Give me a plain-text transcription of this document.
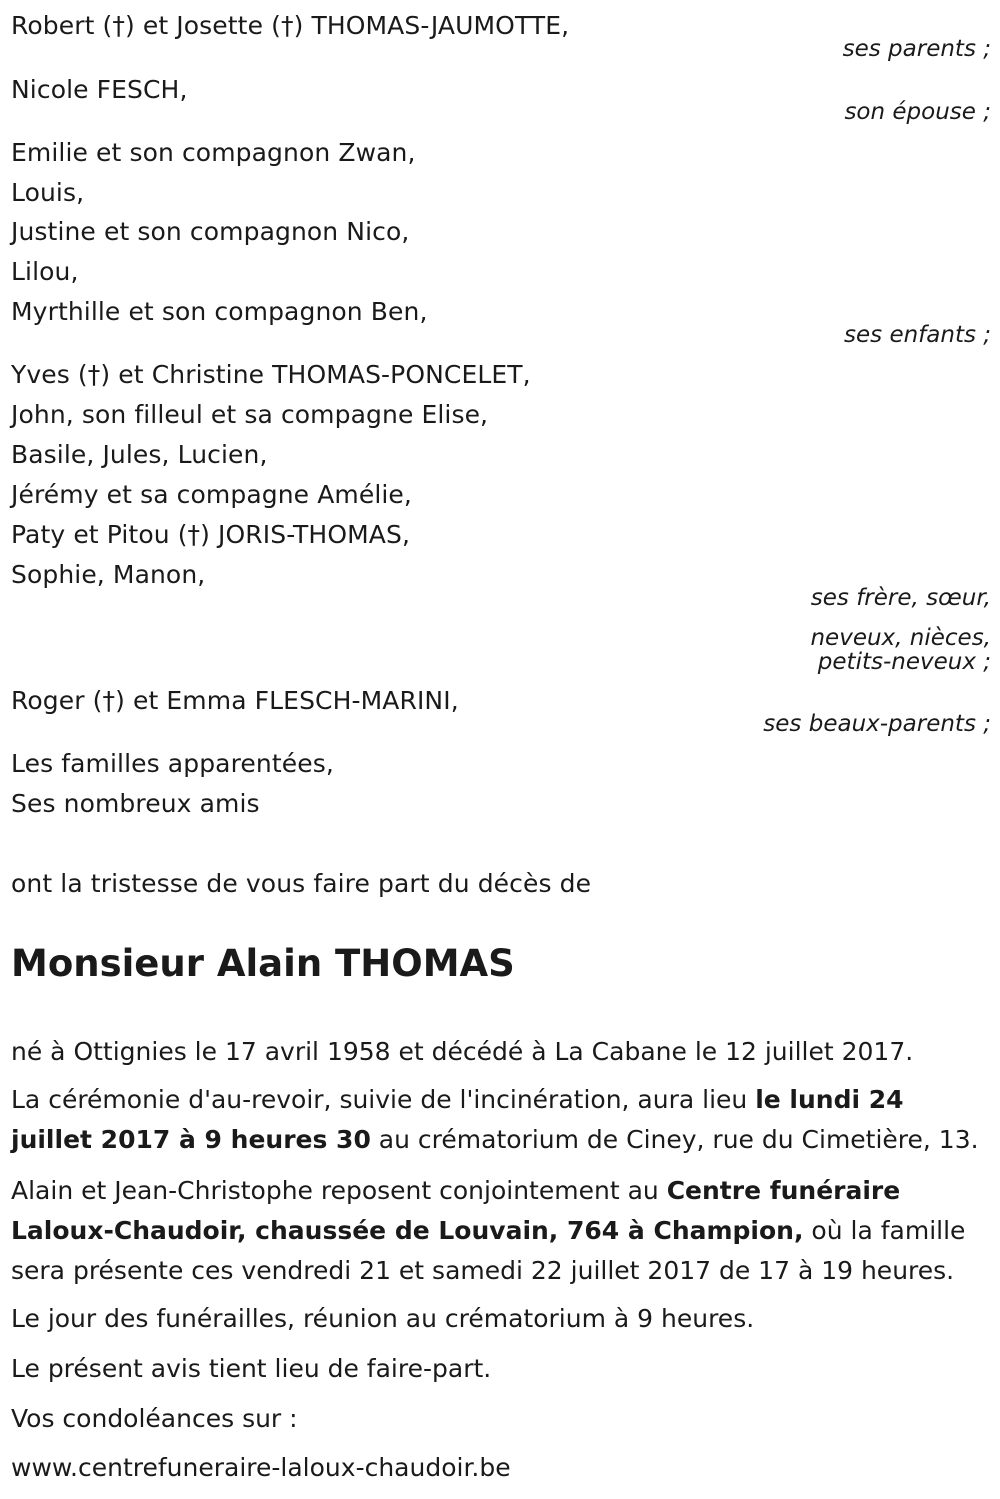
Robert (†) et Josette (†) THOMAS-JAUMOTTE,
ses parents ;
Nicole FESCH,
son épouse ;
Emilie et son compagnon Zwan,
Louis,
Justine et son compagnon Nico,
Lilou,
Myrthille et son compagnon Ben,
ses enfants ;
Yves (†) et Christine THOMAS-PONCELET,
John, son filleul et sa compagne Elise,
Basile, Jules, Lucien,
Jérémy et sa compagne Amélie,
Paty et Pitou (†) JORIS-THOMAS,
Sophie, Manon,
ses frère, sœur,
neveux, nièces,
petits-neveux ;
Roger (†) et Emma FLESCH-MARINI,
ses beaux-parents ;
Les familles apparentées,
Ses nombreux amis
ont la tristesse de vous faire part du décès de
Monsieur Alain THOMAS
né à Ottignies le 17 avril 1958 et décédé à La Cabane le 12 juillet 2017.
La cérémonie d'au-revoir, suivie de l'incinération, aura lieu le lundi 24 juillet 2017 à 9 heures 30 au crématorium de Ciney, rue du Cimetière, 13.
Alain et Jean-Christophe reposent conjointement au Centre funéraire Laloux-Chaudoir, chaussée de Louvain, 764 à Champion, où la famille sera présente ces vendredi 21 et samedi 22 juillet 2017 de 17 à 19 heures.
Le jour des funérailles, réunion au crématorium à 9 heures.
Le présent avis tient lieu de faire-part.
Vos condoléances sur :
www.centrefuneraire-laloux-chaudoir.be
